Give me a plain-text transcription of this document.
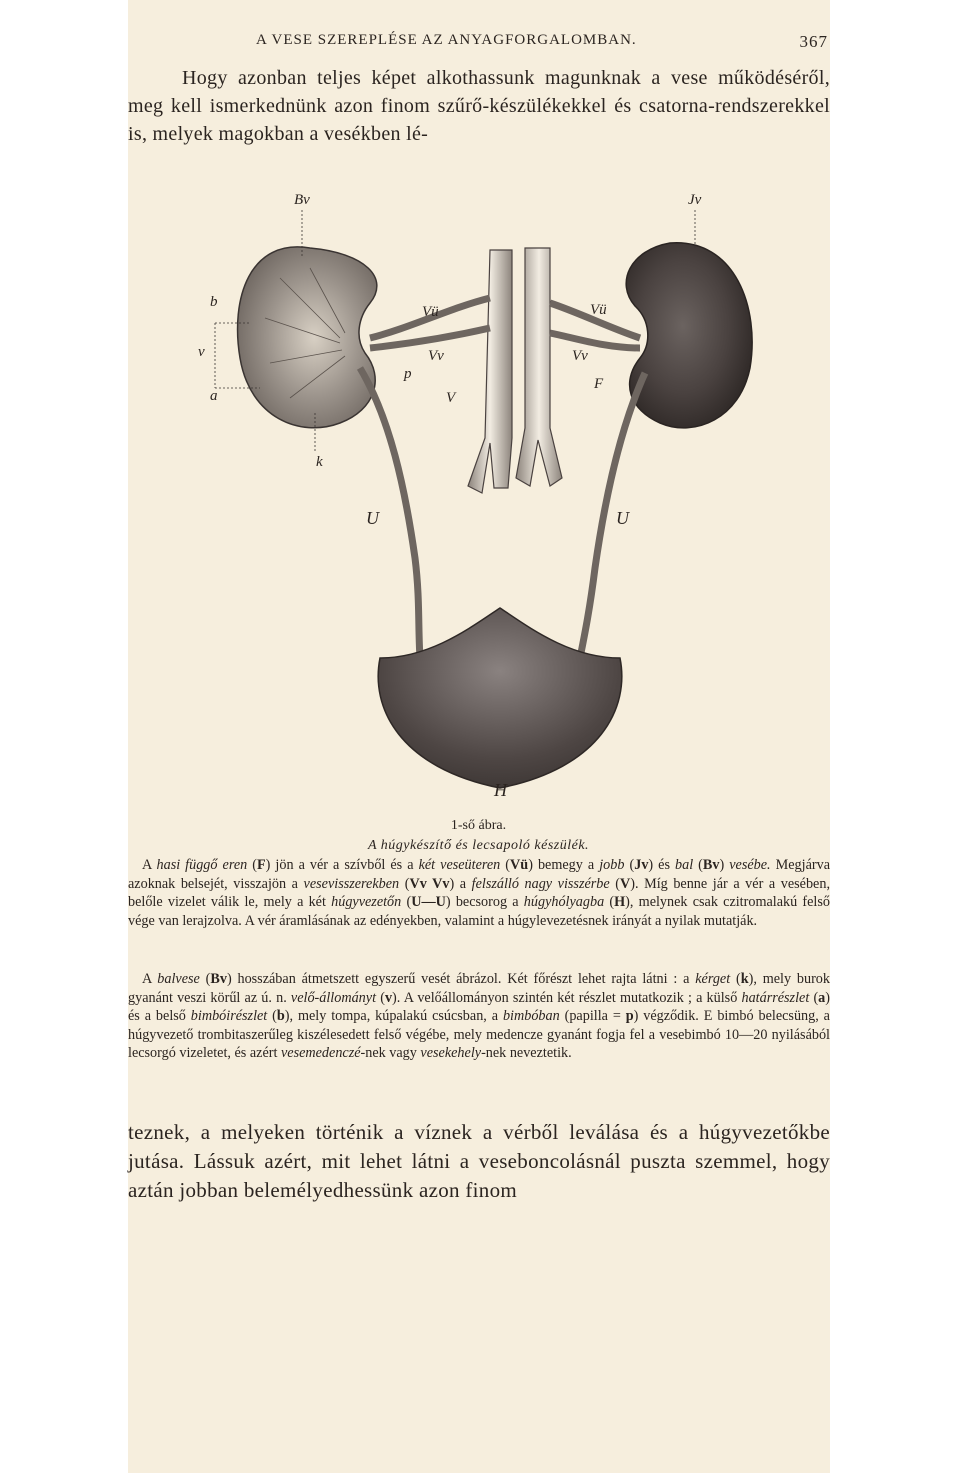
A VESE SZEREPLÉSE AZ ANYAGFORGALOMBAN.	367

Hogy azonban teljes képet alkothassunk magunknak a vese működéséről, meg kell ismerkednünk azon finom szűrő-készülékekkel és csatorna-rendszerekkel is, melyek magokban a vesékben lé-

Bv	Jv
b
v
a
k
Vü	Vü
Vv	Vv
p
V
F
U	U
H
1-ső ábra.
A húgykészítő és lecsapoló készülék.

A hasi függő eren (F) jön a vér a szívből és a két veseüteren (Vü) bemegy a jobb (Jv) és bal (Bv) vesébe. Megjárva azoknak belsejét, visszajön a vesevisszerekben (Vv Vv) a felszálló nagy visszérbe (V). Míg benne jár a vér a vesében, belőle vizelet válik le, mely a két húgyvezetőn (U—U) becsorog a húgyhólyagba (H), melynek csak czitromalakú felső vége van lerajzolva. A vér áramlásának az edényekben, valamint a húgylevezetésnek irányát a nyilak mutatják.

A balvese (Bv) hosszában átmetszett egyszerű vesét ábrázol. Két főrészt lehet rajta látni : a kérget (k), mely burok gyanánt veszi körűl az ú. n. velő-állományt (v). A velőállományon szintén két részlet mutatkozik ; a külső határrészlet (a) és a belső bimbóirészlet (b), mely tompa, kúpalakú csúcsban, a bimbóban (papilla = p) végződik. E bimbó belecsüng, a húgyvezető trombitaszerűleg kiszélesedett felső végébe, mely medencze gyanánt fogja fel a vesebimbó 10—20 nyilásából lecsorgó vizeletet, és azért vesemedenczé-nek vagy vesekehely-nek neveztetik.

teznek, a melyeken történik a víznek a vérből leválása és a húgyvezetőkbe jutása. Lássuk azért, mit lehet látni a veseboncolásnál puszta szemmel, hogy aztán jobban belemélyedhessünk azon finom
